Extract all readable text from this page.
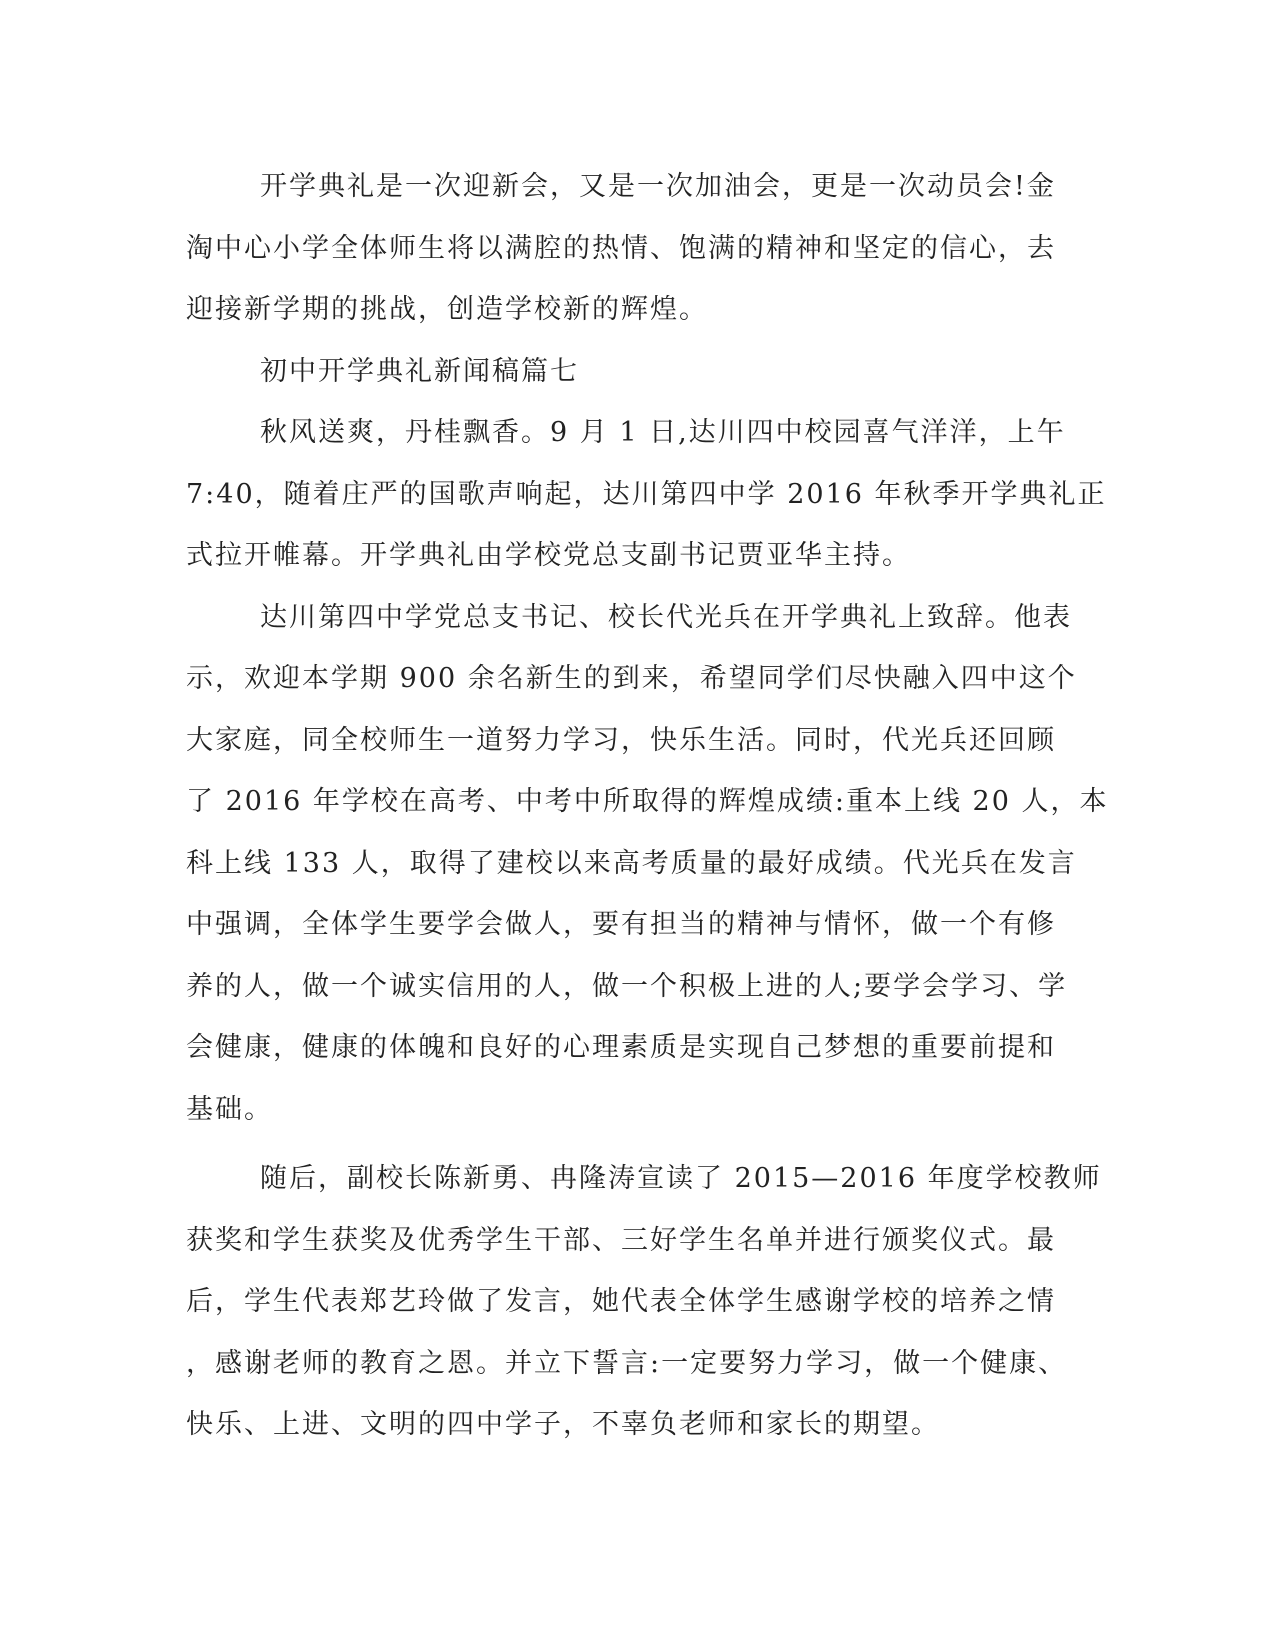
开学典礼是一次迎新会，又是一次加油会，更是一次动员会!金
淘中心小学全体师生将以满腔的热情、饱满的精神和坚定的信心，去
迎接新学期的挑战，创造学校新的辉煌。
初中开学典礼新闻稿篇七
秋风送爽，丹桂飘香。9 月 1 日,达川四中校园喜气洋洋，上午
7:40，随着庄严的国歌声响起，达川第四中学 2016 年秋季开学典礼正
式拉开帷幕。开学典礼由学校党总支副书记贾亚华主持。
达川第四中学党总支书记、校长代光兵在开学典礼上致辞。他表
示，欢迎本学期 900 余名新生的到来，希望同学们尽快融入四中这个
大家庭，同全校师生一道努力学习，快乐生活。同时，代光兵还回顾
了 2016 年学校在高考、中考中所取得的辉煌成绩:重本上线 20 人，本
科上线 133 人，取得了建校以来高考质量的最好成绩。代光兵在发言
中强调，全体学生要学会做人，要有担当的精神与情怀，做一个有修
养的人，做一个诚实信用的人，做一个积极上进的人;要学会学习、学
会健康，健康的体魄和良好的心理素质是实现自己梦想的重要前提和
基础。
随后，副校长陈新勇、冉隆涛宣读了 2015—2016 年度学校教师
获奖和学生获奖及优秀学生干部、三好学生名单并进行颁奖仪式。最
后，学生代表郑艺玲做了发言，她代表全体学生感谢学校的培养之情
，感谢老师的教育之恩。并立下誓言:一定要努力学习，做一个健康、
快乐、上进、文明的四中学子，不辜负老师和家长的期望。
